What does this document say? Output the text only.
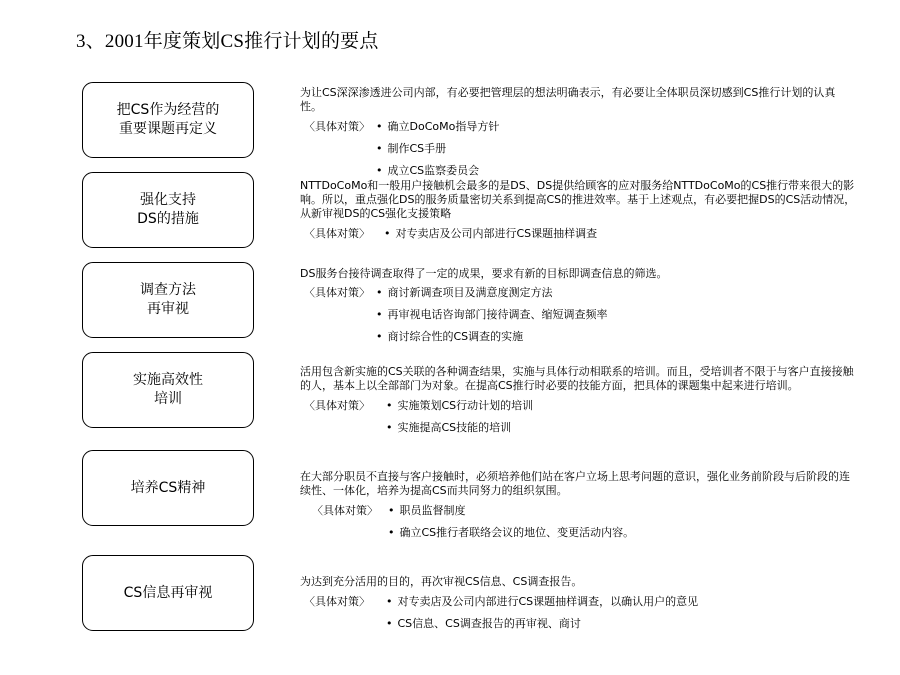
3、2001年度策划CS推行计划的要点
把CS作为经营的
重要课题再定义

为让CS深深渗透进公司内部，有必要把管理层的想法明确表示，有必要让全体职员深切感到CS推行计划的认真性。

〈具体对策〉 • 确立DoCoMo指导方针
• 制作CS手册
• 成立CS监察委员会
强化支持
DS的措施

NTTDoCoMo和一般用户接触机会最多的是DS、DS提供给顾客的应对服务给NTTDoCoMo的CS推行带来很大的影响。所以，重点强化DS的服务质量密切关系到提高CS的推进效率。基于上述观点，有必要把握DS的CS活动情况，从新审视DS的CS强化支援策略

〈具体对策〉 • 对专卖店及公司内部进行CS课题抽样调查
调查方法
再审视

DS服务台接待调查取得了一定的成果，要求有新的目标即调查信息的筛选。

〈具体对策〉 • 商讨新调查项目及满意度测定方法
• 再审视电话咨询部门接待调查、缩短调查频率
• 商讨综合性的CS调查的实施
实施高效性
培训

活用包含新实施的CS关联的各种调查结果，实施与具体行动相联系的培训。而且，受培训者不限于与客户直接接触的人，基本上以全部部门为对象。在提高CS推行时必要的技能方面，把具体的课题集中起来进行培训。

〈具体对策〉 • 实施策划CS行动计划的培训
• 实施提高CS技能的培训
培养CS精神

在大部分职员不直接与客户接触时，必须培养他们站在客户立场上思考问题的意识，强化业务前阶段与后阶段的连续性、一体化，培养为提高CS而共同努力的组织氛围。

〈具体对策〉 • 职员监督制度
• 确立CS推行者联络会议的地位、变更活动内容。
CS信息再审视

为达到充分活用的目的，再次审视CS信息、CS调查报告。

〈具体对策〉 • 对专卖店及公司内部进行CS课题抽样调查，以确认用户的意见
• CS信息、CS调查报告的再审视、商讨
